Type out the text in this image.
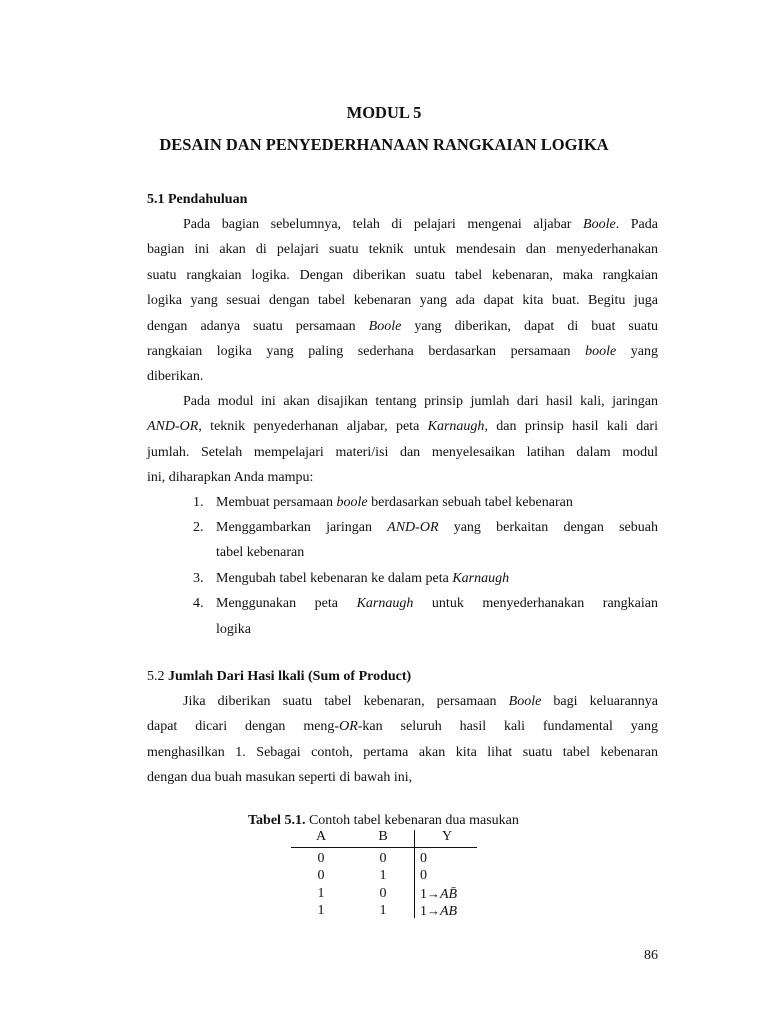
MODUL 5
DESAIN DAN PENYEDERHANAAN RANGKAIAN LOGIKA
5.1 Pendahuluan
Pada bagian sebelumnya, telah di pelajari mengenai aljabar Boole. Pada
bagian ini akan di pelajari suatu teknik untuk mendesain dan menyederhanakan
suatu rangkaian logika. Dengan diberikan suatu tabel kebenaran, maka rangkaian
logika yang sesuai dengan tabel kebenaran yang ada dapat kita buat. Begitu juga
dengan adanya suatu persamaan Boole yang diberikan, dapat di buat suatu
rangkaian logika yang paling sederhana berdasarkan persamaan boole yang
diberikan.
Pada modul ini akan disajikan tentang prinsip jumlah dari hasil kali, jaringan
AND-OR, teknik penyederhanan aljabar, peta Karnaugh, dan prinsip hasil kali dari
jumlah. Setelah mempelajari materi/isi dan menyelesaikan latihan dalam modul
ini, diharapkan Anda mampu:
1. Membuat persamaan boole berdasarkan sebuah tabel kebenaran
2. Menggambarkan jaringan AND-OR yang berkaitan dengan sebuah
tabel kebenaran
3. Mengubah tabel kebenaran ke dalam peta Karnaugh
4. Menggunakan peta Karnaugh untuk menyederhanakan rangkaian
logika
5.2 Jumlah Dari Hasi lkali (Sum of Product)
Jika diberikan suatu tabel kebenaran, persamaan Boole bagi keluarannya
dapat dicari dengan meng-OR-kan seluruh hasil kali fundamental yang
menghasilkan 1. Sebagai contoh, pertama akan kita lihat suatu tabel kebenaran
dengan dua buah masukan seperti di bawah ini,
Tabel 5.1. Contoh tabel kebenaran dua masukan
A	B	Y
0	0	0
0	1	0
1	0	1→AB̄
1	1	1→AB
86
